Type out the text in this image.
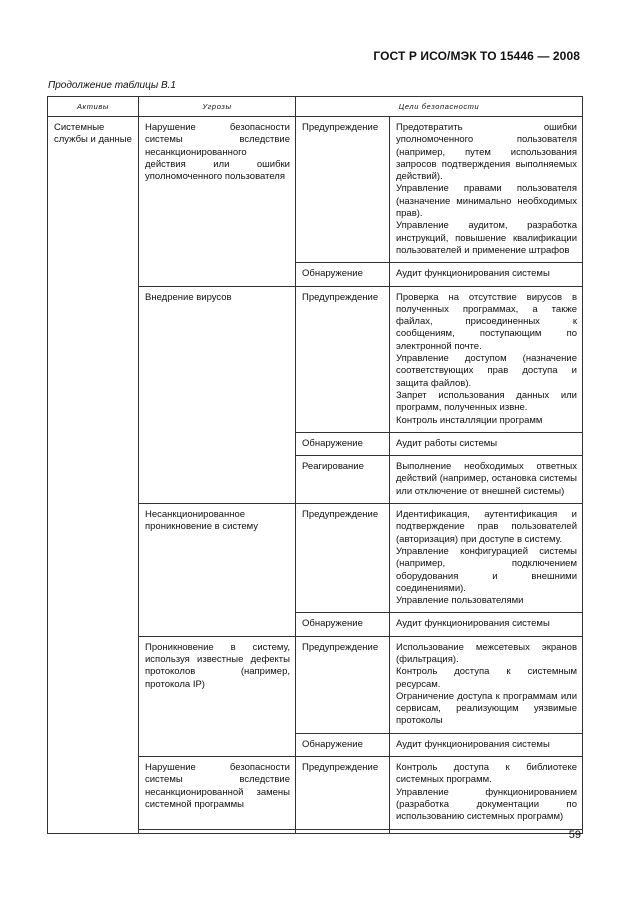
ГОСТ Р ИСО/МЭК ТО 15446 — 2008
Продолжение таблицы В.1
Активы	Угрозы	Цели безопасности	
Системные службы и данные	Нарушение безопасности системы вследствие несанкционированного действия или ошибки уполномоченного пользователя	Предупреждение	Предотвратить ошибки уполномоченного пользователя (например, путем использования запросов подтверждения выполняемых действий).
Управление правами пользователя (назначение минимально необходимых прав).
Управление аудитом, разработка инструкций, повышение квалификации пользователей и применение штрафов

		Обнаружение	Аудит функционирования системы

	Внедрение вирусов	Предупреждение	Проверка на отсутствие вирусов в полученных программах, а также файлах, присоединенных к сообщениям, поступающим по электронной почте.
Управление доступом (назначение соответствующих прав доступа и защита файлов).
Запрет использования данных или программ, полученных извне.
Контроль инсталляции программ

		Обнаружение	Аудит работы системы

		Реагирование	Выполнение необходимых ответных действий (например, остановка системы или отключение от внешней системы)

	Несанкционированное проникновение в систему	Предупреждение	Идентификация, аутентификация и подтверждение прав пользователей (авторизация) при доступе в систему.
Управление конфигурацией системы (например, подключением оборудования и внешними соединениями).
Управление пользователями

		Обнаружение	Аудит функционирования системы

	Проникновение в систему, используя известные дефекты протоколов (например, протокола IP)	Предупреждение	Использование межсетевых экранов (фильтрация).
Контроль доступа к системным ресурсам.
Ограничение доступа к программам или сервисам, реализующим уязвимые протоколы

		Обнаружение	Аудит функционирования системы

	Нарушение безопасности системы вследствие несанкционированной замены системной программы	Предупреждение	Контроль доступа к библиотеке системных программ.
Управление функционированием (разработка документации по использованию системных программ)

59
